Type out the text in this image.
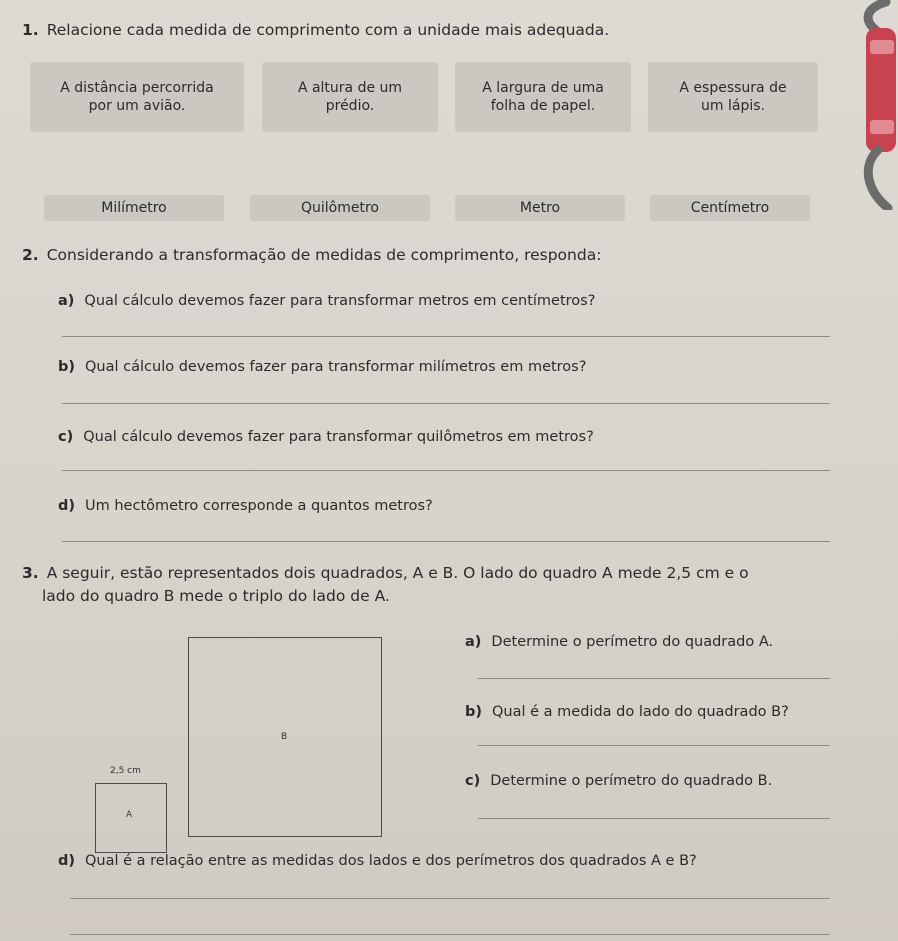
1. Relacione cada medida de comprimento com a unidade mais adequada.
A distância percorrida
por um avião.
A altura de um
prédio.
A largura de uma
folha de papel.
A espessura de
um lápis.
Milímetro	Quilômetro	Metro	Centímetro
2. Considerando a transformação de medidas de comprimento, responda:
a) Qual cálculo devemos fazer para transformar metros em centímetros?
b) Qual cálculo devemos fazer para transformar milímetros em metros?
c) Qual cálculo devemos fazer para transformar quilômetros em metros?
d) Um hectômetro corresponde a quantos metros?
3. A seguir, estão representados dois quadrados, A e B. O lado do quadro A mede 2,5 cm e o
lado do quadro B mede o triplo do lado de A.
B
2,5 cm
A
a) Determine o perímetro do quadrado A.
b) Qual é a medida do lado do quadrado B?
c) Determine o perímetro do quadrado B.
d) Qual é a relação entre as medidas dos lados e dos perímetros dos quadrados A e B?
